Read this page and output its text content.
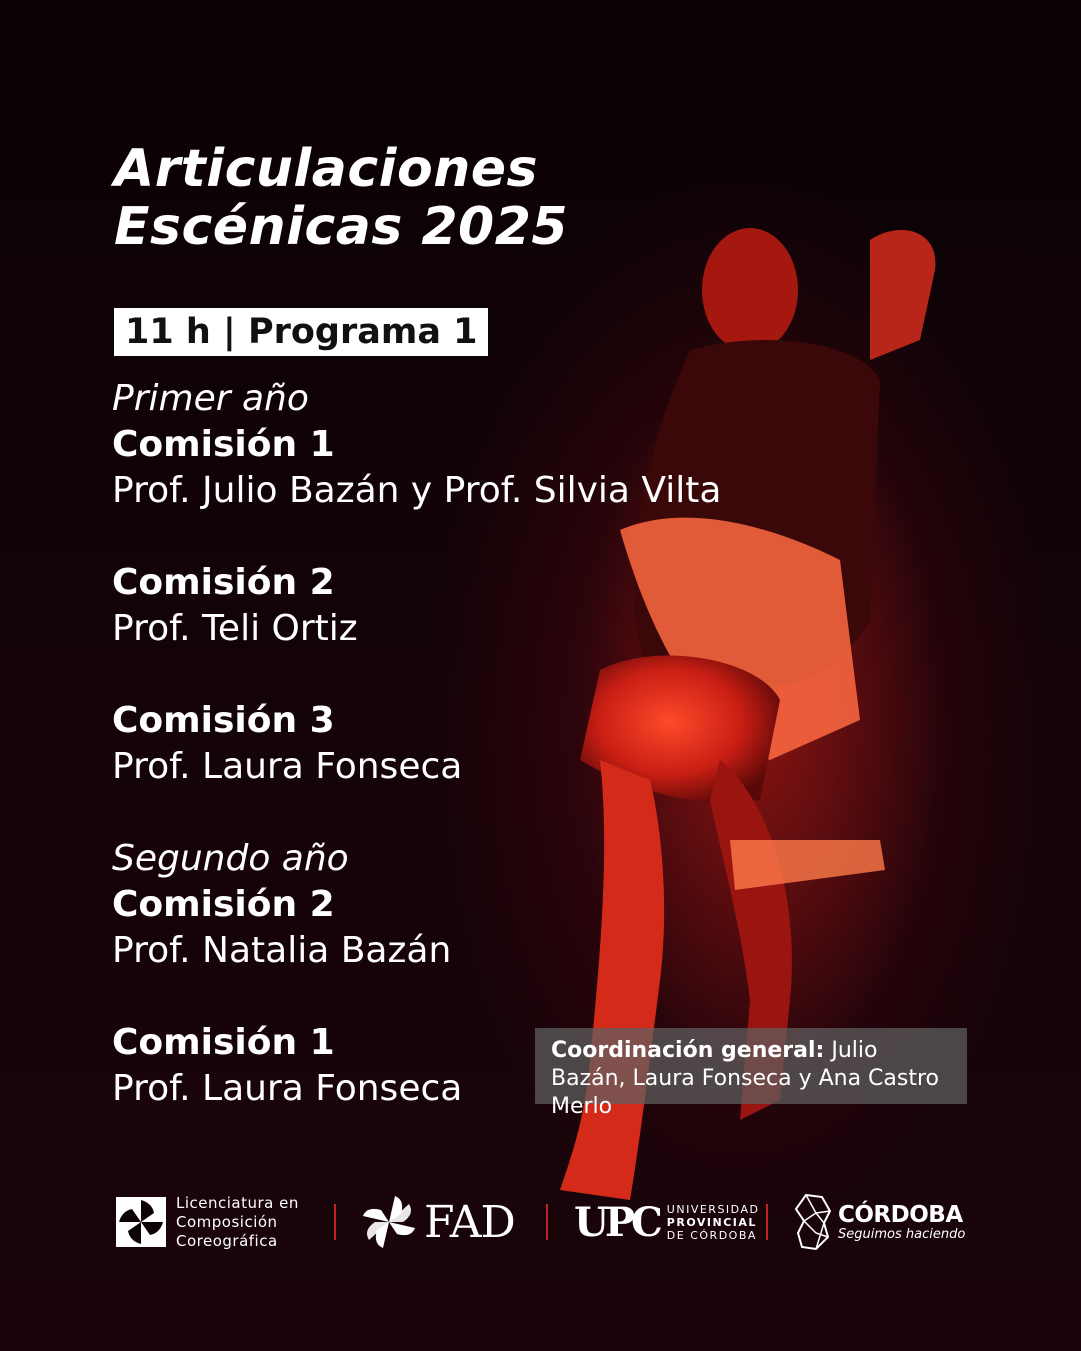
Articulaciones
Escénicas 2025
11 h | Programa 1
Primer año
Comisión 1
Prof. Julio Bazán y Prof. Silvia Vilta
Comisión 2
Prof. Teli Ortiz
Comisión 3
Prof. Laura Fonseca
Segundo año
Comisión 2
Prof. Natalia Bazán
Comisión 1
Prof. Laura Fonseca
Coordinación general: Julio Bazán, Laura Fonseca y Ana Castro Merlo
Licenciatura en
Composición
Coreográfica	FAD UPC UNIVERSIDAD
PROVINCIAL
DE CÓRDOBA
CÓRDOBA
Seguimos haciendo
